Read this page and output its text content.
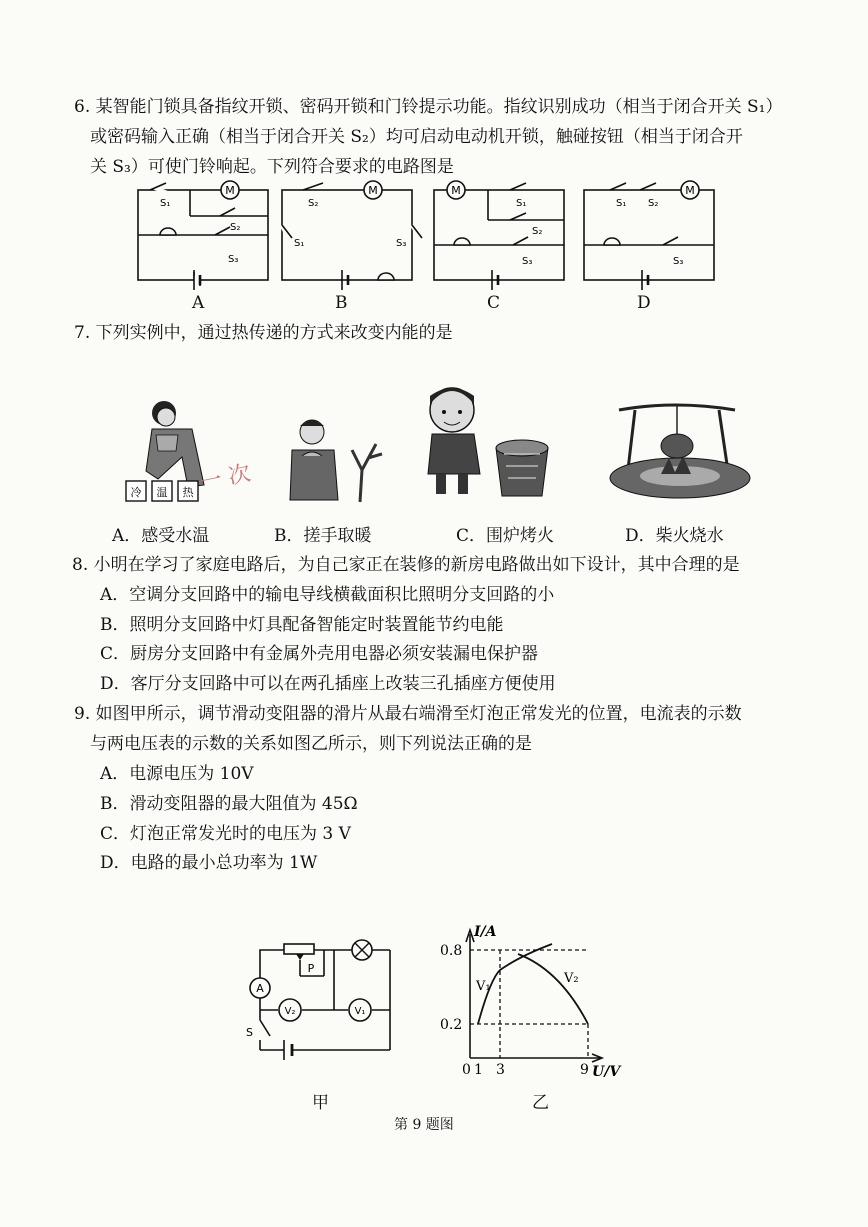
6. 某智能门锁具备指纹开锁、密码开锁和门铃提示功能。指纹识别成功（相当于闭合开关 S₁）
或密码输入正确（相当于闭合开关 S₂）均可启动电动机开锁，触碰按钮（相当于闭合开
关 S₃）可使门铃响起。下列符合要求的电路图是
M
S₁
S₂
S₃
A
M
S₂
S₁	S₃
B
M
S₁
S₂
S₃
C
M
S₁ S₂
S₃
D
7. 下列实例中，通过热传递的方式来改变内能的是
冷 温 热 一 次
A．感受水温	B．搓手取暖	C．围炉烤火	D．柴火烧水
8. 小明在学习了家庭电路后，为自己家正在装修的新房电路做出如下设计，其中合理的是
A．空调分支回路中的输电导线横截面积比照明分支回路的小
B．照明分支回路中灯具配备智能定时装置能节约电能
C．厨房分支回路中有金属外壳用电器必须安装漏电保护器
D．客厅分支回路中可以在两孔插座上改装三孔插座方便使用
9. 如图甲所示，调节滑动变阻器的滑片从最右端滑至灯泡正常发光的位置，电流表的示数
与两电压表的示数的关系如图乙所示，则下列说法正确的是
A．电源电压为 10V
B．滑动变阻器的最大阻值为 45Ω
C．灯泡正常发光时的电压为 3 V
D．电路的最小总功率为 1W
A
V₂	V₁
P
S
甲
I/A
U/V
0.8
0.2
0 1 3	9
V₁
V₂
乙
第 9 题图
